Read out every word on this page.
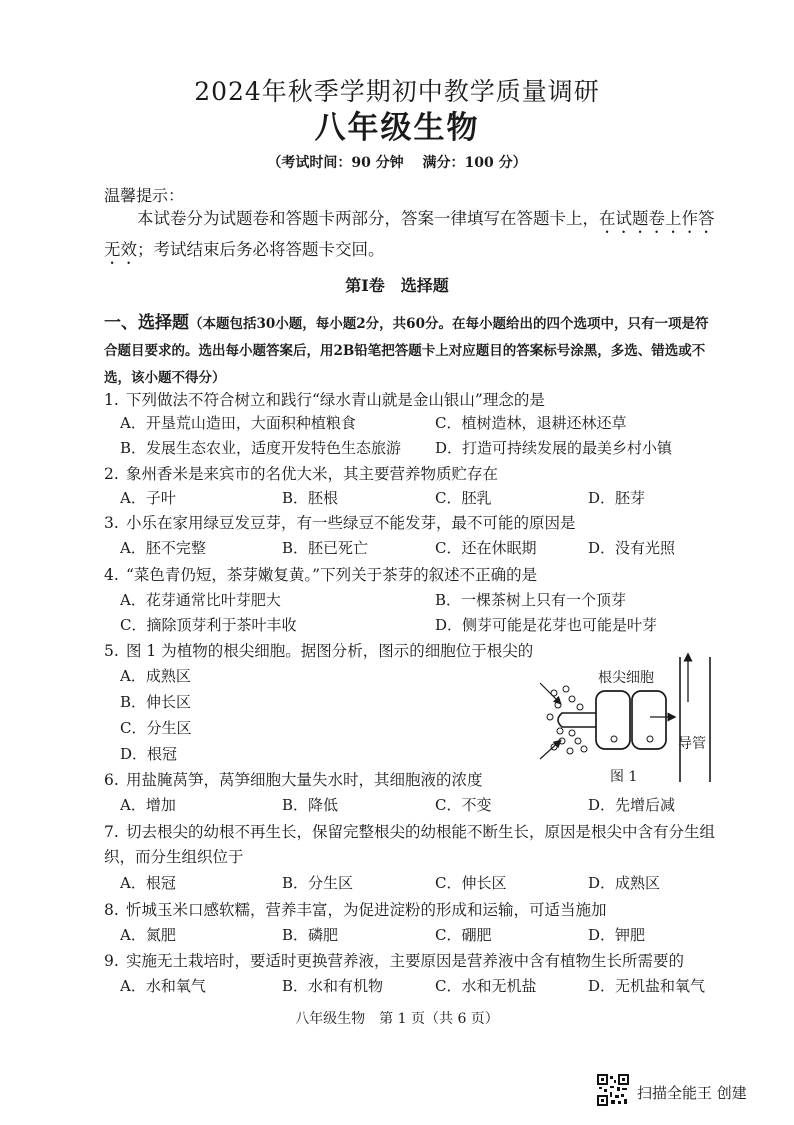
2024年秋季学期初中教学质量调研
八年级生物
（考试时间：90 分钟　 满分：100 分）
温馨提示：
本试卷分为试题卷和答题卡两部分，答案一律填写在答题卡上，在试题卷上作答无效；考试结束后务必将答题卡交回。
第Ⅰ卷　选择题
一、选择题（本题包括30小题，每小题2分，共60分。在每小题给出的四个选项中，只有一项是符合题目要求的。选出每小题答案后，用2B铅笔把答题卡上对应题目的答案标号涂黑，多选、错选或不选，该小题不得分）
1. 下列做法不符合树立和践行“绿水青山就是金山银山”理念的是
A．开垦荒山造田，大面积种植粮食	C．植树造林，退耕还林还草
B．发展生态农业，适度开发特色生态旅游 D．打造可持续发展的最美乡村小镇
2. 象州香米是来宾市的名优大米，其主要营养物质贮存在
A．子叶	B．胚根	C．胚乳	D．胚芽
3. 小乐在家用绿豆发豆芽，有一些绿豆不能发芽，最不可能的原因是
A．胚不完整	B．胚已死亡	C．还在休眠期	D．没有光照
4. “菜色青仍短，茶芽嫩复黄。”下列关于茶芽的叙述不正确的是
A．花芽通常比叶芽肥大	B．一棵茶树上只有一个顶芽
C．摘除顶芽利于茶叶丰收	D．侧芽可能是花芽也可能是叶芽
5. 图 1 为植物的根尖细胞。据图分析，图示的细胞位于根尖的
A．成熟区
B．伸长区
C．分生区
D．根冠
根尖细胞
导管
图 1
6. 用盐腌莴笋，莴笋细胞大量失水时，其细胞液的浓度
A．增加	B．降低	C．不变	D．先增后减
7. 切去根尖的幼根不再生长，保留完整根尖的幼根能不断生长，原因是根尖中含有分生组织，而分生组织位于
A．根冠	B．分生区	C．伸长区	D．成熟区
8. 忻城玉米口感软糯，营养丰富，为促进淀粉的形成和运输，可适当施加
A．氮肥	B．磷肥	C．硼肥	D．钾肥
9. 实施无土栽培时，要适时更换营养液，主要原因是营养液中含有植物生长所需要的
A．水和氧气	B．水和有机物	C．水和无机盐	D．无机盐和氧气
八年级生物　第 1 页（共 6 页）
扫描全能王 创建
